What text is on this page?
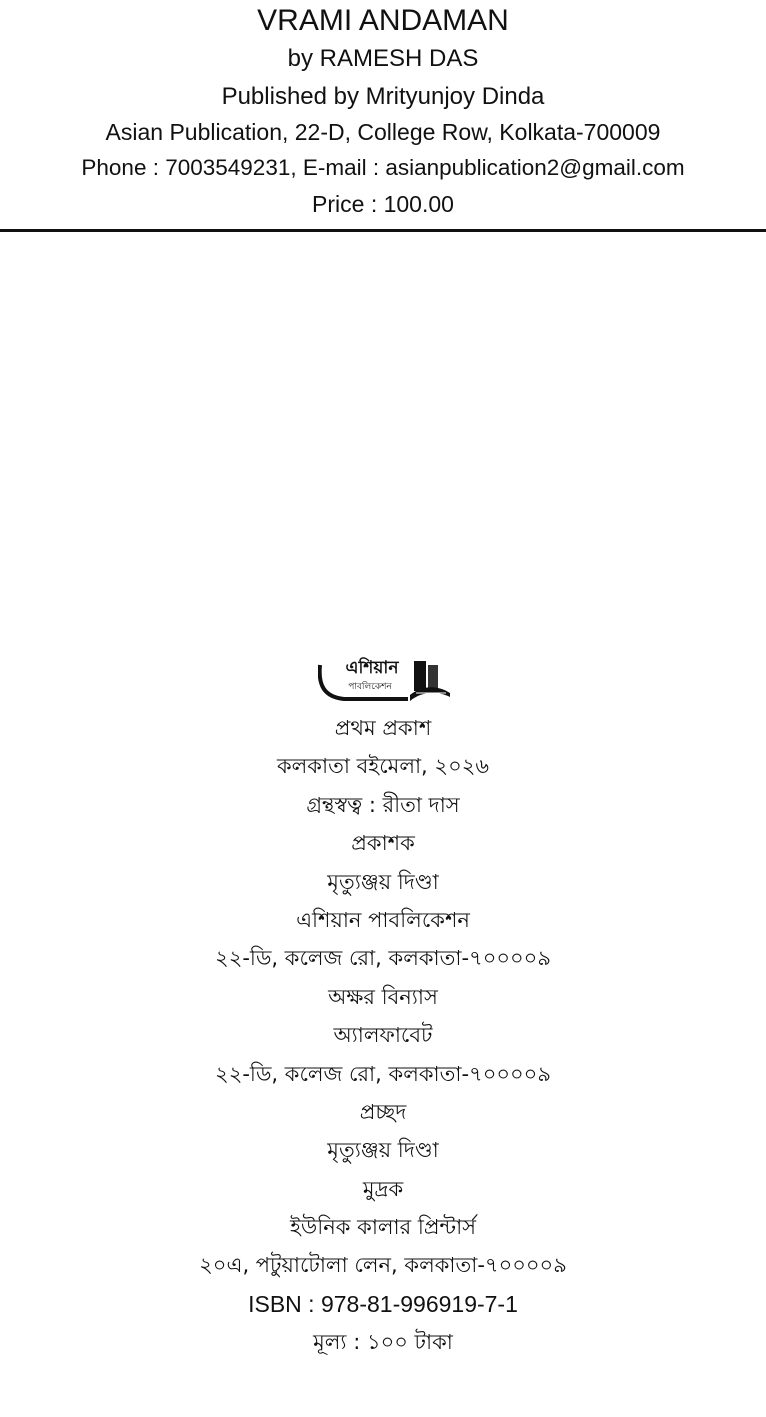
VRAMI ANDAMAN
by RAMESH DAS
Published by Mrityunjoy Dinda
Asian Publication, 22-D, College Row, Kolkata-700009
Phone : 7003549231, E-mail : asianpublication2@gmail.com
Price : 100.00
এশিয়ান
পাবলিকেশন
প্রথম প্রকাশ
কলকাতা বইমেলা, ২০২৬
গ্রন্থস্বত্ব : রীতা দাস
প্রকাশক
মৃত্যুঞ্জয় দিণ্ডা
এশিয়ান পাবলিকেশন
২২-ডি, কলেজ রো, কলকাতা-৭০০০০৯
অক্ষর বিন্যাস
অ্যালফাবেট
২২-ডি, কলেজ রো, কলকাতা-৭০০০০৯
প্রচ্ছদ
মৃত্যুঞ্জয় দিণ্ডা
মুদ্রক
ইউনিক কালার প্রিন্টার্স
২০এ, পটুয়াটোলা লেন, কলকাতা-৭০০০০৯
ISBN : 978-81-996919-7-1
মূল্য : ১০০ টাকা
